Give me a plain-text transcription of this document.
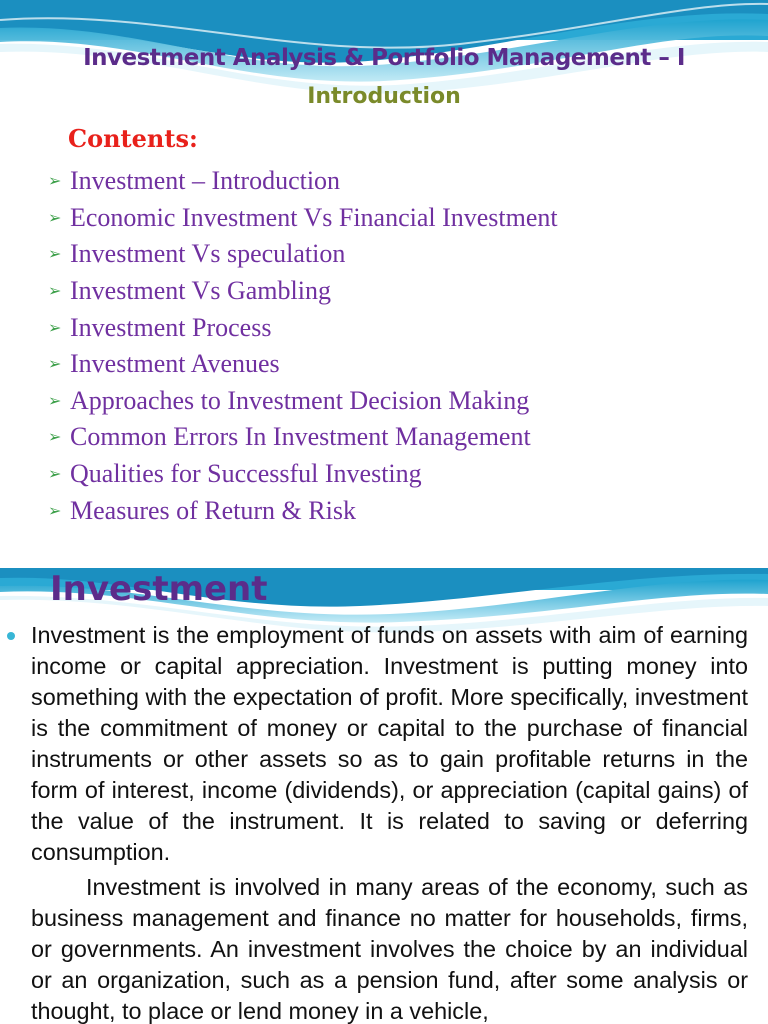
Investment Analysis & Portfolio Management – I
Introduction
Contents:
➢ Investment – Introduction
➢ Economic Investment Vs Financial Investment
➢ Investment Vs speculation
➢ Investment Vs Gambling
➢ Investment Process
➢ Investment Avenues
➢ Approaches to Investment Decision Making
➢ Common Errors In Investment Management
➢ Qualities for Successful Investing
➢ Measures of Return & Risk
Investment

Investment is the employment of funds on assets with aim of earning income or capital appreciation. Investment is putting money into something with the expectation of profit. More specifically, investment is the commitment of money or capital to the purchase of financial instruments or other assets so as to gain profitable returns in the form of interest, income (dividends), or appreciation (capital gains) of the value of the instrument. It is related to saving or deferring consumption.

Investment is involved in many areas of the economy, such as business management and finance no matter for households, firms, or governments. An investment involves the choice by an individual or an organization, such as a pension fund, after some analysis or thought, to place or lend money in a vehicle,
